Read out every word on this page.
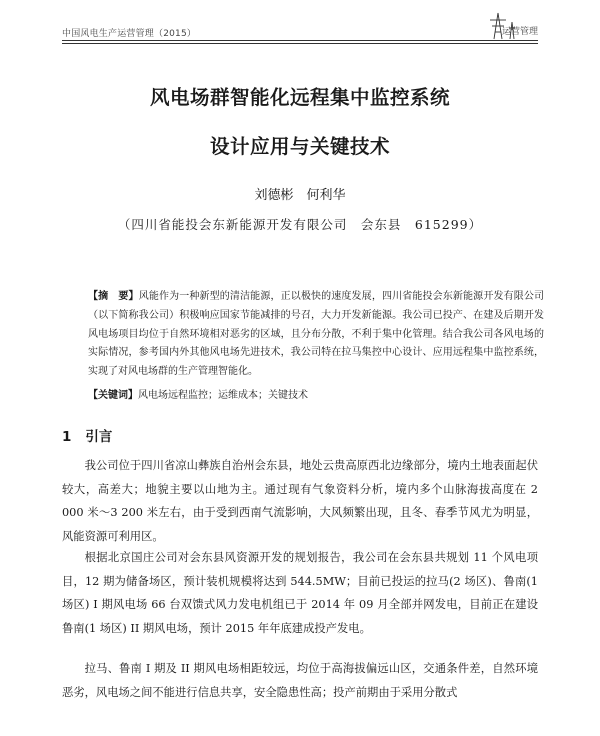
中国风电生产运营管理（2015）	运营管理
风电场群智能化远程集中监控系统
设计应用与关键技术
刘德彬　何利华
（四川省能投会东新能源开发有限公司　会东县　615299）
【摘　要】风能作为一种新型的清洁能源，正以极快的速度发展，四川省能投会东新能源开发有限公司（以下简称我公司）积极响应国家节能减排的号召，大力开发新能源。我公司已投产、在建及后期开发风电场项目均位于自然环境相对恶劣的区域，且分布分散，不利于集中化管理。结合我公司各风电场的实际情况，参考国内外其他风电场先进技术，我公司特在拉马集控中心设计、应用远程集中监控系统，实现了对风电场群的生产管理智能化。
【关键词】风电场远程监控；运维成本；关键技术
1 引言
我公司位于四川省凉山彝族自治州会东县，地处云贵高原西北边缘部分，境内土地表面起伏较大，高差大；地貌主要以山地为主。通过现有气象资料分析，境内多个山脉海拔高度在 2 000 米～3 200 米左右，由于受到西南气流影响，大风频繁出现，且冬、春季节风尤为明显，风能资源可利用区。
根据北京国庄公司对会东县风资源开发的规划报告，我公司在会东县共规划 11 个风电项目，12 期为储备场区，预计装机规模将达到 544.5MW；目前已投运的拉马(2 场区)、鲁南(1 场区) I 期风电场 66 台双馈式风力发电机组已于 2014 年 09 月全部并网发电，目前正在建设鲁南(1 场区) II 期风电场，预计 2015 年年底建成投产发电。
拉马、鲁南 I 期及 II 期风电场相距较远，均位于高海拔偏远山区，交通条件差，自然环境恶劣，风电场之间不能进行信息共享，安全隐患性高；投产前期由于采用分散式
